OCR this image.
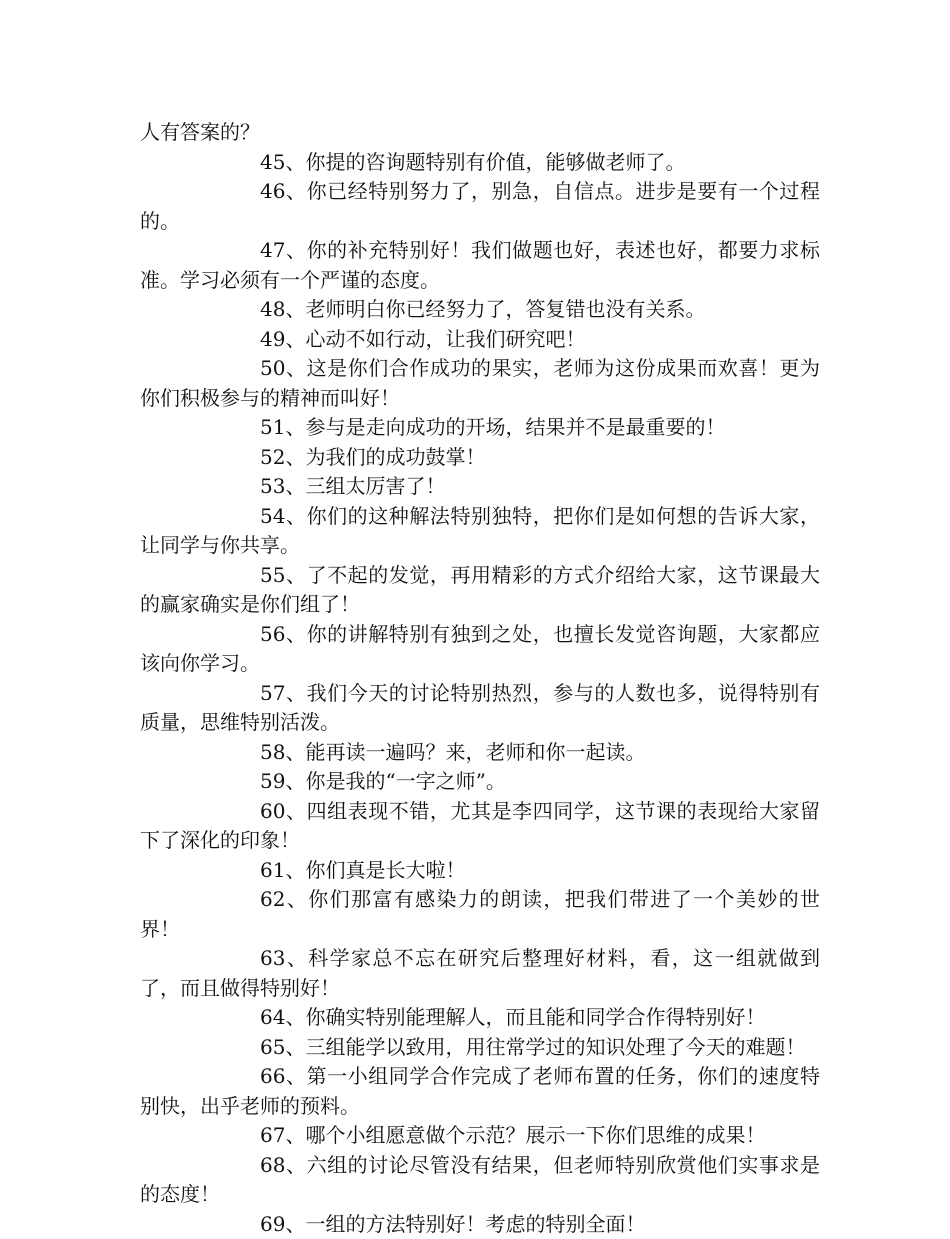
人有答案的？

45、你提的咨询题特别有价值，能够做老师了。

46、你已经特别努力了，别急，自信点。进步是要有一个过程的。

47、你的补充特别好！我们做题也好，表述也好，都要力求标准。学习必须有一个严谨的态度。

48、老师明白你已经努力了，答复错也没有关系。

49、心动不如行动，让我们研究吧！

50、这是你们合作成功的果实，老师为这份成果而欢喜！更为你们积极参与的精神而叫好！

51、参与是走向成功的开场，结果并不是最重要的！

52、为我们的成功鼓掌！

53、三组太厉害了！

54、你们的这种解法特别独特，把你们是如何想的告诉大家，让同学与你共享。

55、了不起的发觉，再用精彩的方式介绍给大家，这节课最大的赢家确实是你们组了！

56、你的讲解特别有独到之处，也擅长发觉咨询题，大家都应该向你学习。

57、我们今天的讨论特别热烈，参与的人数也多，说得特别有质量，思维特别活泼。

58、能再读一遍吗？来，老师和你一起读。

59、你是我的“一字之师”。

60、四组表现不错，尤其是李四同学，这节课的表现给大家留下了深化的印象！

61、你们真是长大啦！

62、你们那富有感染力的朗读，把我们带进了一个美妙的世界！

63、科学家总不忘在研究后整理好材料，看，这一组就做到了，而且做得特别好！

64、你确实特别能理解人，而且能和同学合作得特别好！

65、三组能学以致用，用往常学过的知识处理了今天的难题！

66、第一小组同学合作完成了老师布置的任务，你们的速度特别快，出乎老师的预料。

67、哪个小组愿意做个示范？展示一下你们思维的成果！

68、六组的讨论尽管没有结果，但老师特别欣赏他们实事求是的态度！

69、一组的方法特别好！考虑的特别全面！
